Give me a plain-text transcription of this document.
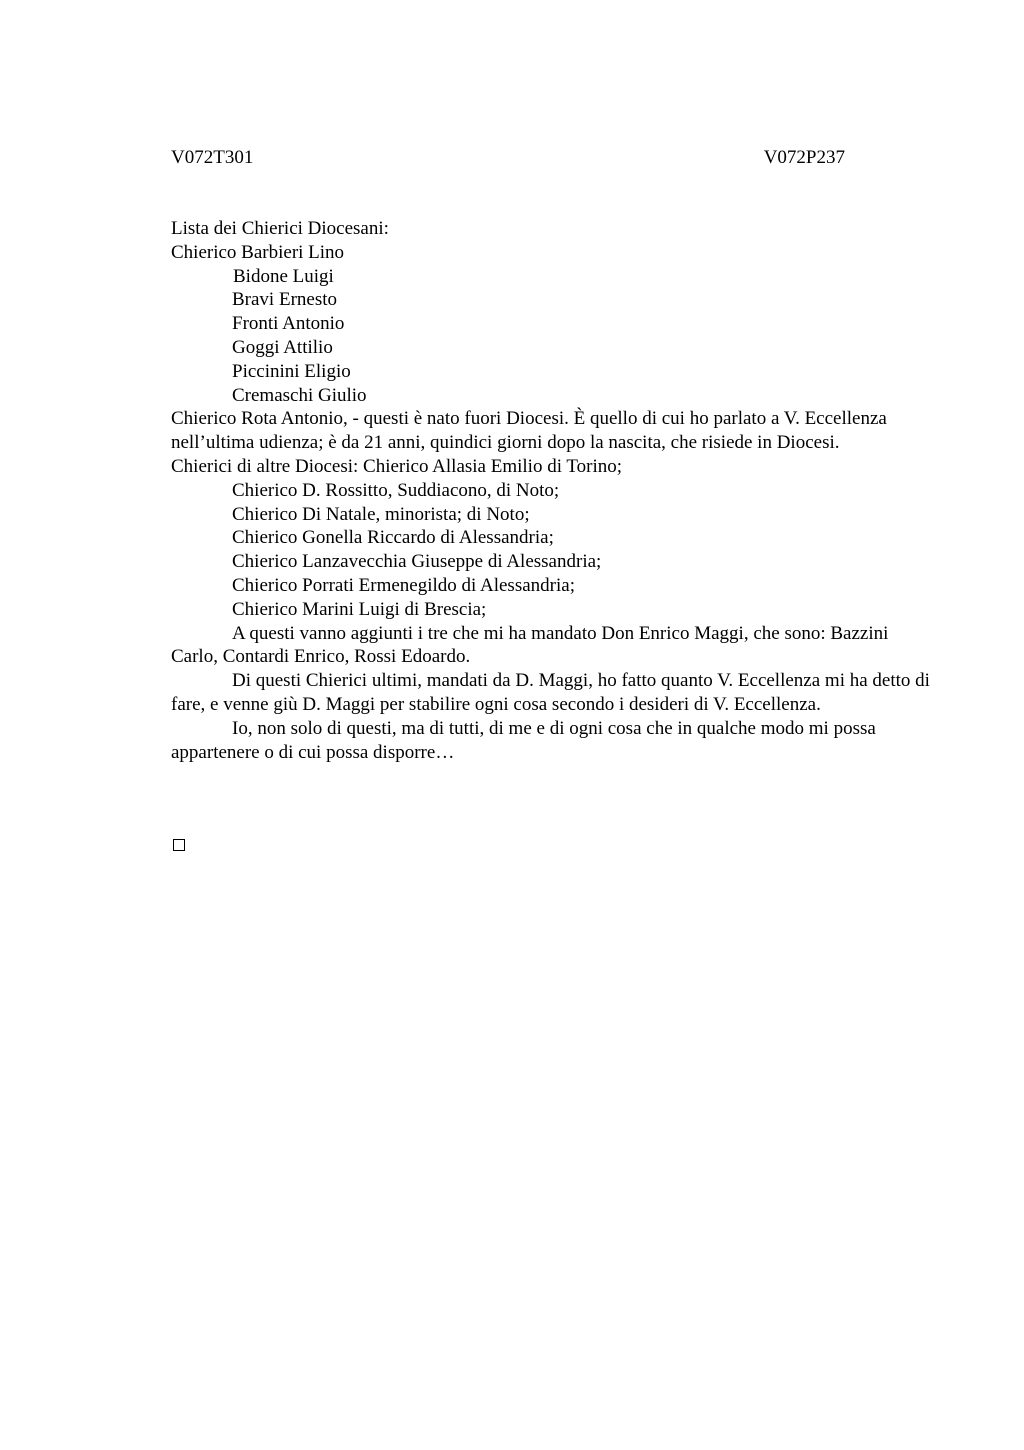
V072T301	V072P237

Lista dei Chierici Diocesani:

Chierico Barbieri Lino

Bidone Luigi

Bravi Ernesto

Fronti Antonio

Goggi Attilio

Piccinini Eligio

Cremaschi Giulio

Chierico Rota Antonio, - questi è nato fuori Diocesi. È quello di cui ho parlato a V. Eccellenza nell’ultima udienza; è da 21 anni, quindici giorni dopo la nascita, che risiede in Diocesi.

Chierici di altre Diocesi: Chierico Allasia Emilio di Torino;

Chierico D. Rossitto, Suddiacono, di Noto;

Chierico Di Natale, minorista; di Noto;

Chierico Gonella Riccardo di Alessandria;

Chierico Lanzavecchia Giuseppe di Alessandria;

Chierico Porrati Ermenegildo di Alessandria;

Chierico Marini Luigi di Brescia;

A questi vanno aggiunti i tre che mi ha mandato Don Enrico Maggi, che sono: Bazzini Carlo, Contardi Enrico, Rossi Edoardo.

Di questi Chierici ultimi, mandati da D. Maggi, ho fatto quanto V. Eccellenza mi ha detto di fare, e venne giù D. Maggi per stabilire ogni cosa secondo i desideri di V. Eccellenza.

Io, non solo di questi, ma di tutti, di me e di ogni cosa che in qualche modo mi possa appartenere o di cui possa disporre…
